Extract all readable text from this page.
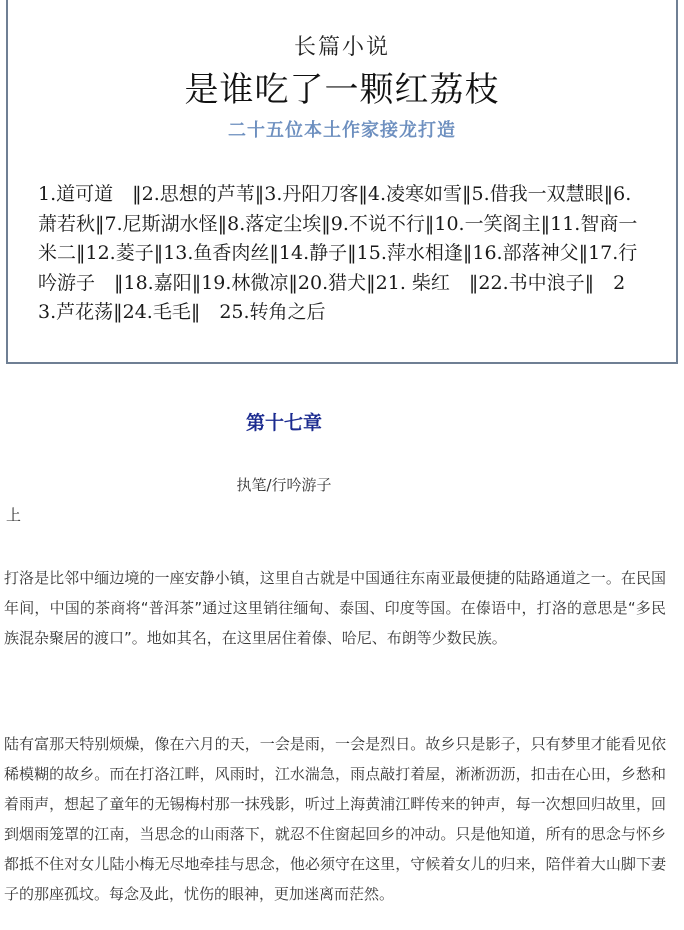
长篇小说
是谁吃了一颗红荔枝
二十五位本土作家接龙打造
1.道可道　‖2.思想的芦苇‖3.丹阳刀客‖4.凌寒如雪‖5.借我一双慧眼‖6.萧若秋‖7.尼斯湖水怪‖8.落定尘埃‖9.不说不行‖10.一笑阁主‖11.智商一米二‖12.菱子‖13.鱼香肉丝‖14.静子‖15.萍水相逢‖16.部落神父‖17.行吟游子　‖18.嘉阳‖19.林微凉‖20.猎犬‖21. 柴红　‖22.书中浪子‖　23.芦花荡‖24.毛毛‖　25.转角之后
第十七章
执笔/行吟游子
上
打洛是比邻中缅边境的一座安静小镇，这里自古就是中国通往东南亚最便捷的陆路通道之一。在民国年间，中国的茶商将“普洱茶”通过这里销往缅甸、泰国、印度等国。在傣语中，打洛的意思是“多民族混杂聚居的渡口”。地如其名，在这里居住着傣、哈尼、布朗等少数民族。
陆有富那天特别烦燥，像在六月的天，一会是雨，一会是烈日。故乡只是影子，只有梦里才能看见依稀模糊的故乡。而在打洛江畔，风雨时，江水湍急，雨点敲打着屋，淅淅沥沥，扣击在心田，乡愁和着雨声，想起了童年的无锡梅村那一抹残影，听过上海黄浦江畔传来的钟声，每一次想回归故里，回到烟雨笼罩的江南，当思念的山雨落下，就忍不住窗起回乡的冲动。只是他知道，所有的思念与怀乡都抵不住对女儿陆小梅无尽地牵挂与思念，他必须守在这里，守候着女儿的归来，陪伴着大山脚下妻子的那座孤坟。每念及此，忧伤的眼神，更加迷离而茫然。
